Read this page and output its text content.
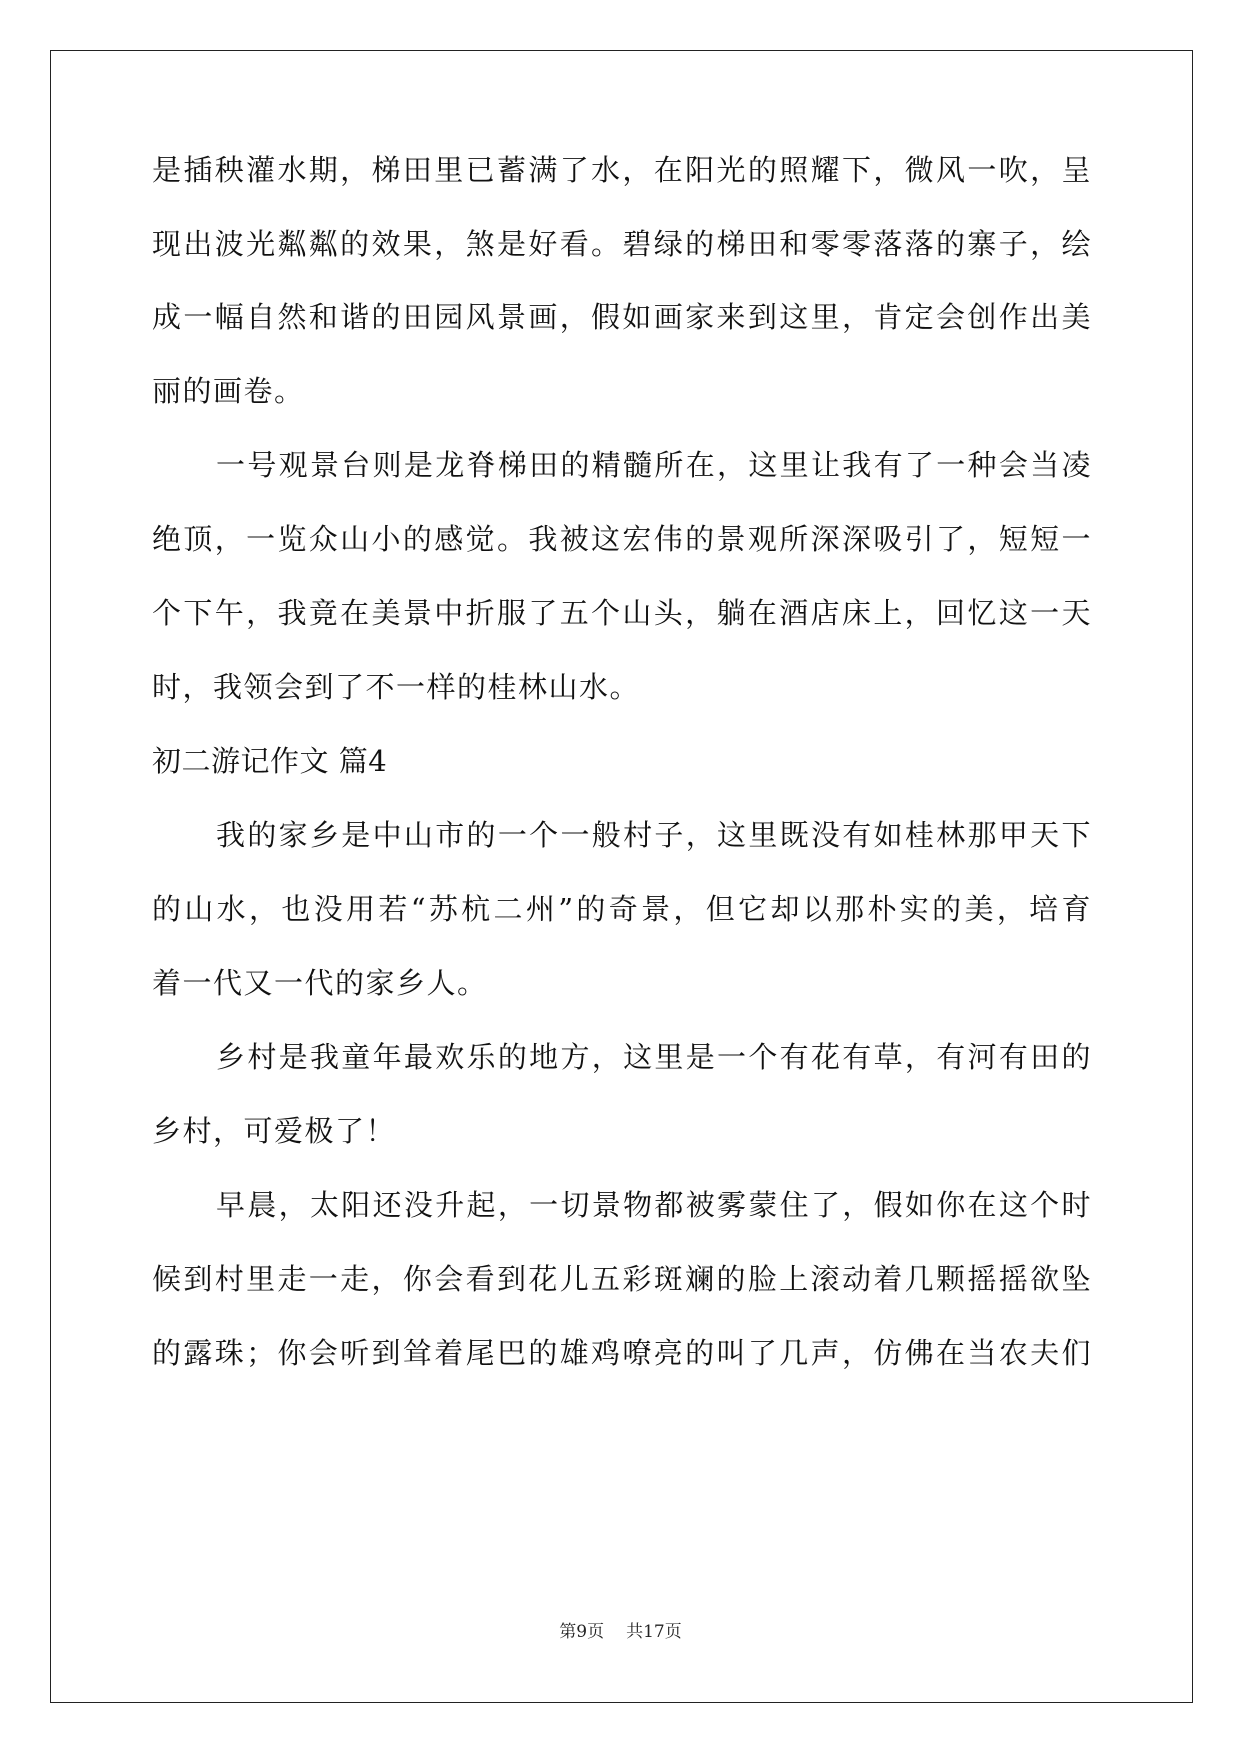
是插秧灌水期，梯田里已蓄满了水，在阳光的照耀下，微风一吹，呈
现出波光粼粼的效果，煞是好看。碧绿的梯田和零零落落的寨子，绘
成一幅自然和谐的田园风景画，假如画家来到这里，肯定会创作出美
丽的画卷。
一号观景台则是龙脊梯田的精髓所在，这里让我有了一种会当凌
绝顶，一览众山小的感觉。我被这宏伟的景观所深深吸引了，短短一
个下午，我竟在美景中折服了五个山头，躺在酒店床上，回忆这一天
时，我领会到了不一样的桂林山水。
初二游记作文 篇4
我的家乡是中山市的一个一般村子，这里既没有如桂林那甲天下
的山水，也没用若“苏杭二州”的奇景，但它却以那朴实的美，培育
着一代又一代的家乡人。
乡村是我童年最欢乐的地方，这里是一个有花有草，有河有田的
乡村，可爱极了！
早晨，太阳还没升起，一切景物都被雾蒙住了，假如你在这个时
候到村里走一走，你会看到花儿五彩斑斓的脸上滚动着几颗摇摇欲坠
的露珠；你会听到耸着尾巴的雄鸡嘹亮的叫了几声，仿佛在当农夫们
第9页 共17页
